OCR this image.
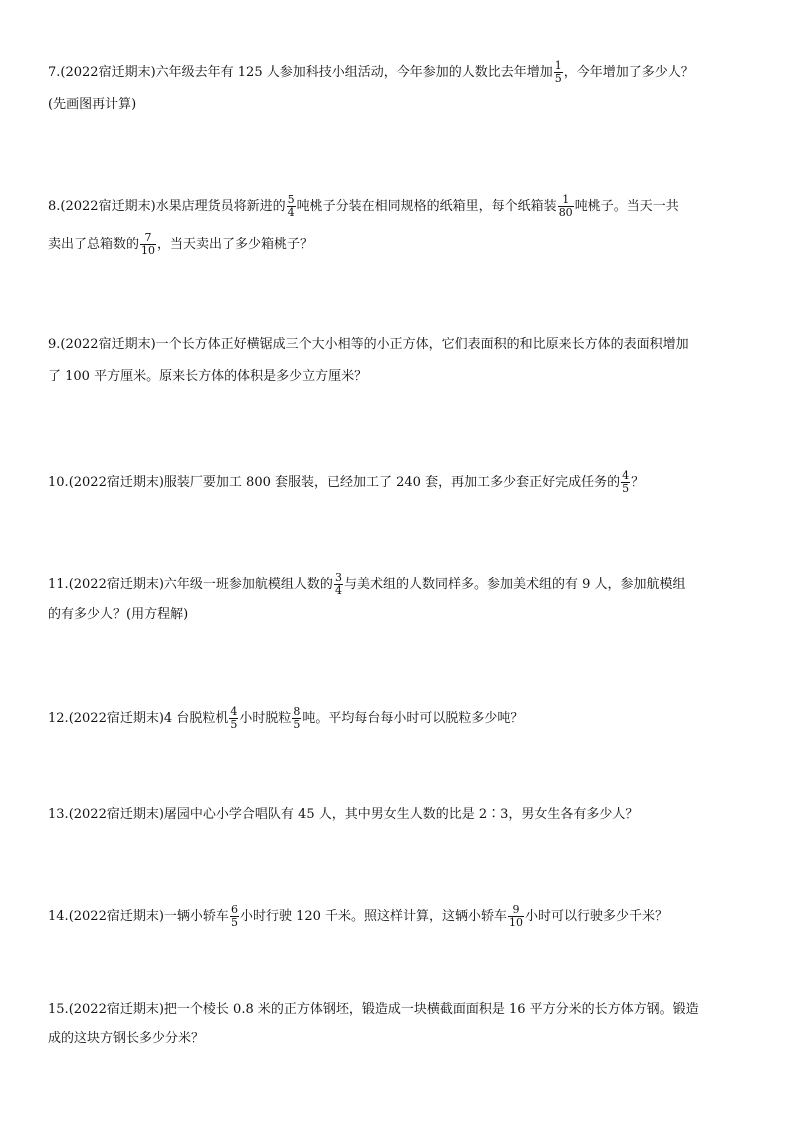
7.(2022宿迁期末)六年级去年有 125 人参加科技小组活动，今年参加的人数比去年增加 $\frac{1}{5}$ ，今年增加了多少人？
(先画图再计算)
8.(2022宿迁期末)水果店理货员将新进的 $\frac{5}{4}$ 吨桃子分装在相同规格的纸箱里，每个纸箱装 $\frac{1}{80}$ 吨桃子。当天一共
卖出了总箱数的 $\frac{7}{10}$ ，当天卖出了多少箱桃子？
9.(2022宿迁期末)一个长方体正好横锯成三个大小相等的小正方体，它们表面积的和比原来长方体的表面积增加
了 100 平方厘米。原来长方体的体积是多少立方厘米？
10.(2022宿迁期末)服装厂要加工 800 套服装，已经加工了 240 套，再加工多少套正好完成任务的 $\frac{4}{5}$ ？
11.(2022宿迁期末)六年级一班参加航模组人数的 $\frac{3}{4}$ 与美术组的人数同样多。参加美术组的有 9 人，参加航模组
的有多少人？(用方程解)
12.(2022宿迁期末)4 台脱粒机 $\frac{4}{5}$ 小时脱粒 $\frac{8}{5}$ 吨。平均每台每小时可以脱粒多少吨？
13.(2022宿迁期末)屠园中心小学合唱队有 45 人，其中男女生人数的比是 2∶3，男女生各有多少人？
14.(2022宿迁期末)一辆小轿车 $\frac{6}{5}$ 小时行驶 120 千米。照这样计算，这辆小轿车 $\frac{9}{10}$ 小时可以行驶多少千米？
15.(2022宿迁期末)把一个棱长 0.8 米的正方体钢坯，锻造成一块横截面面积是 16 平方分米的长方体方钢。锻造
成的这块方钢长多少分米？
